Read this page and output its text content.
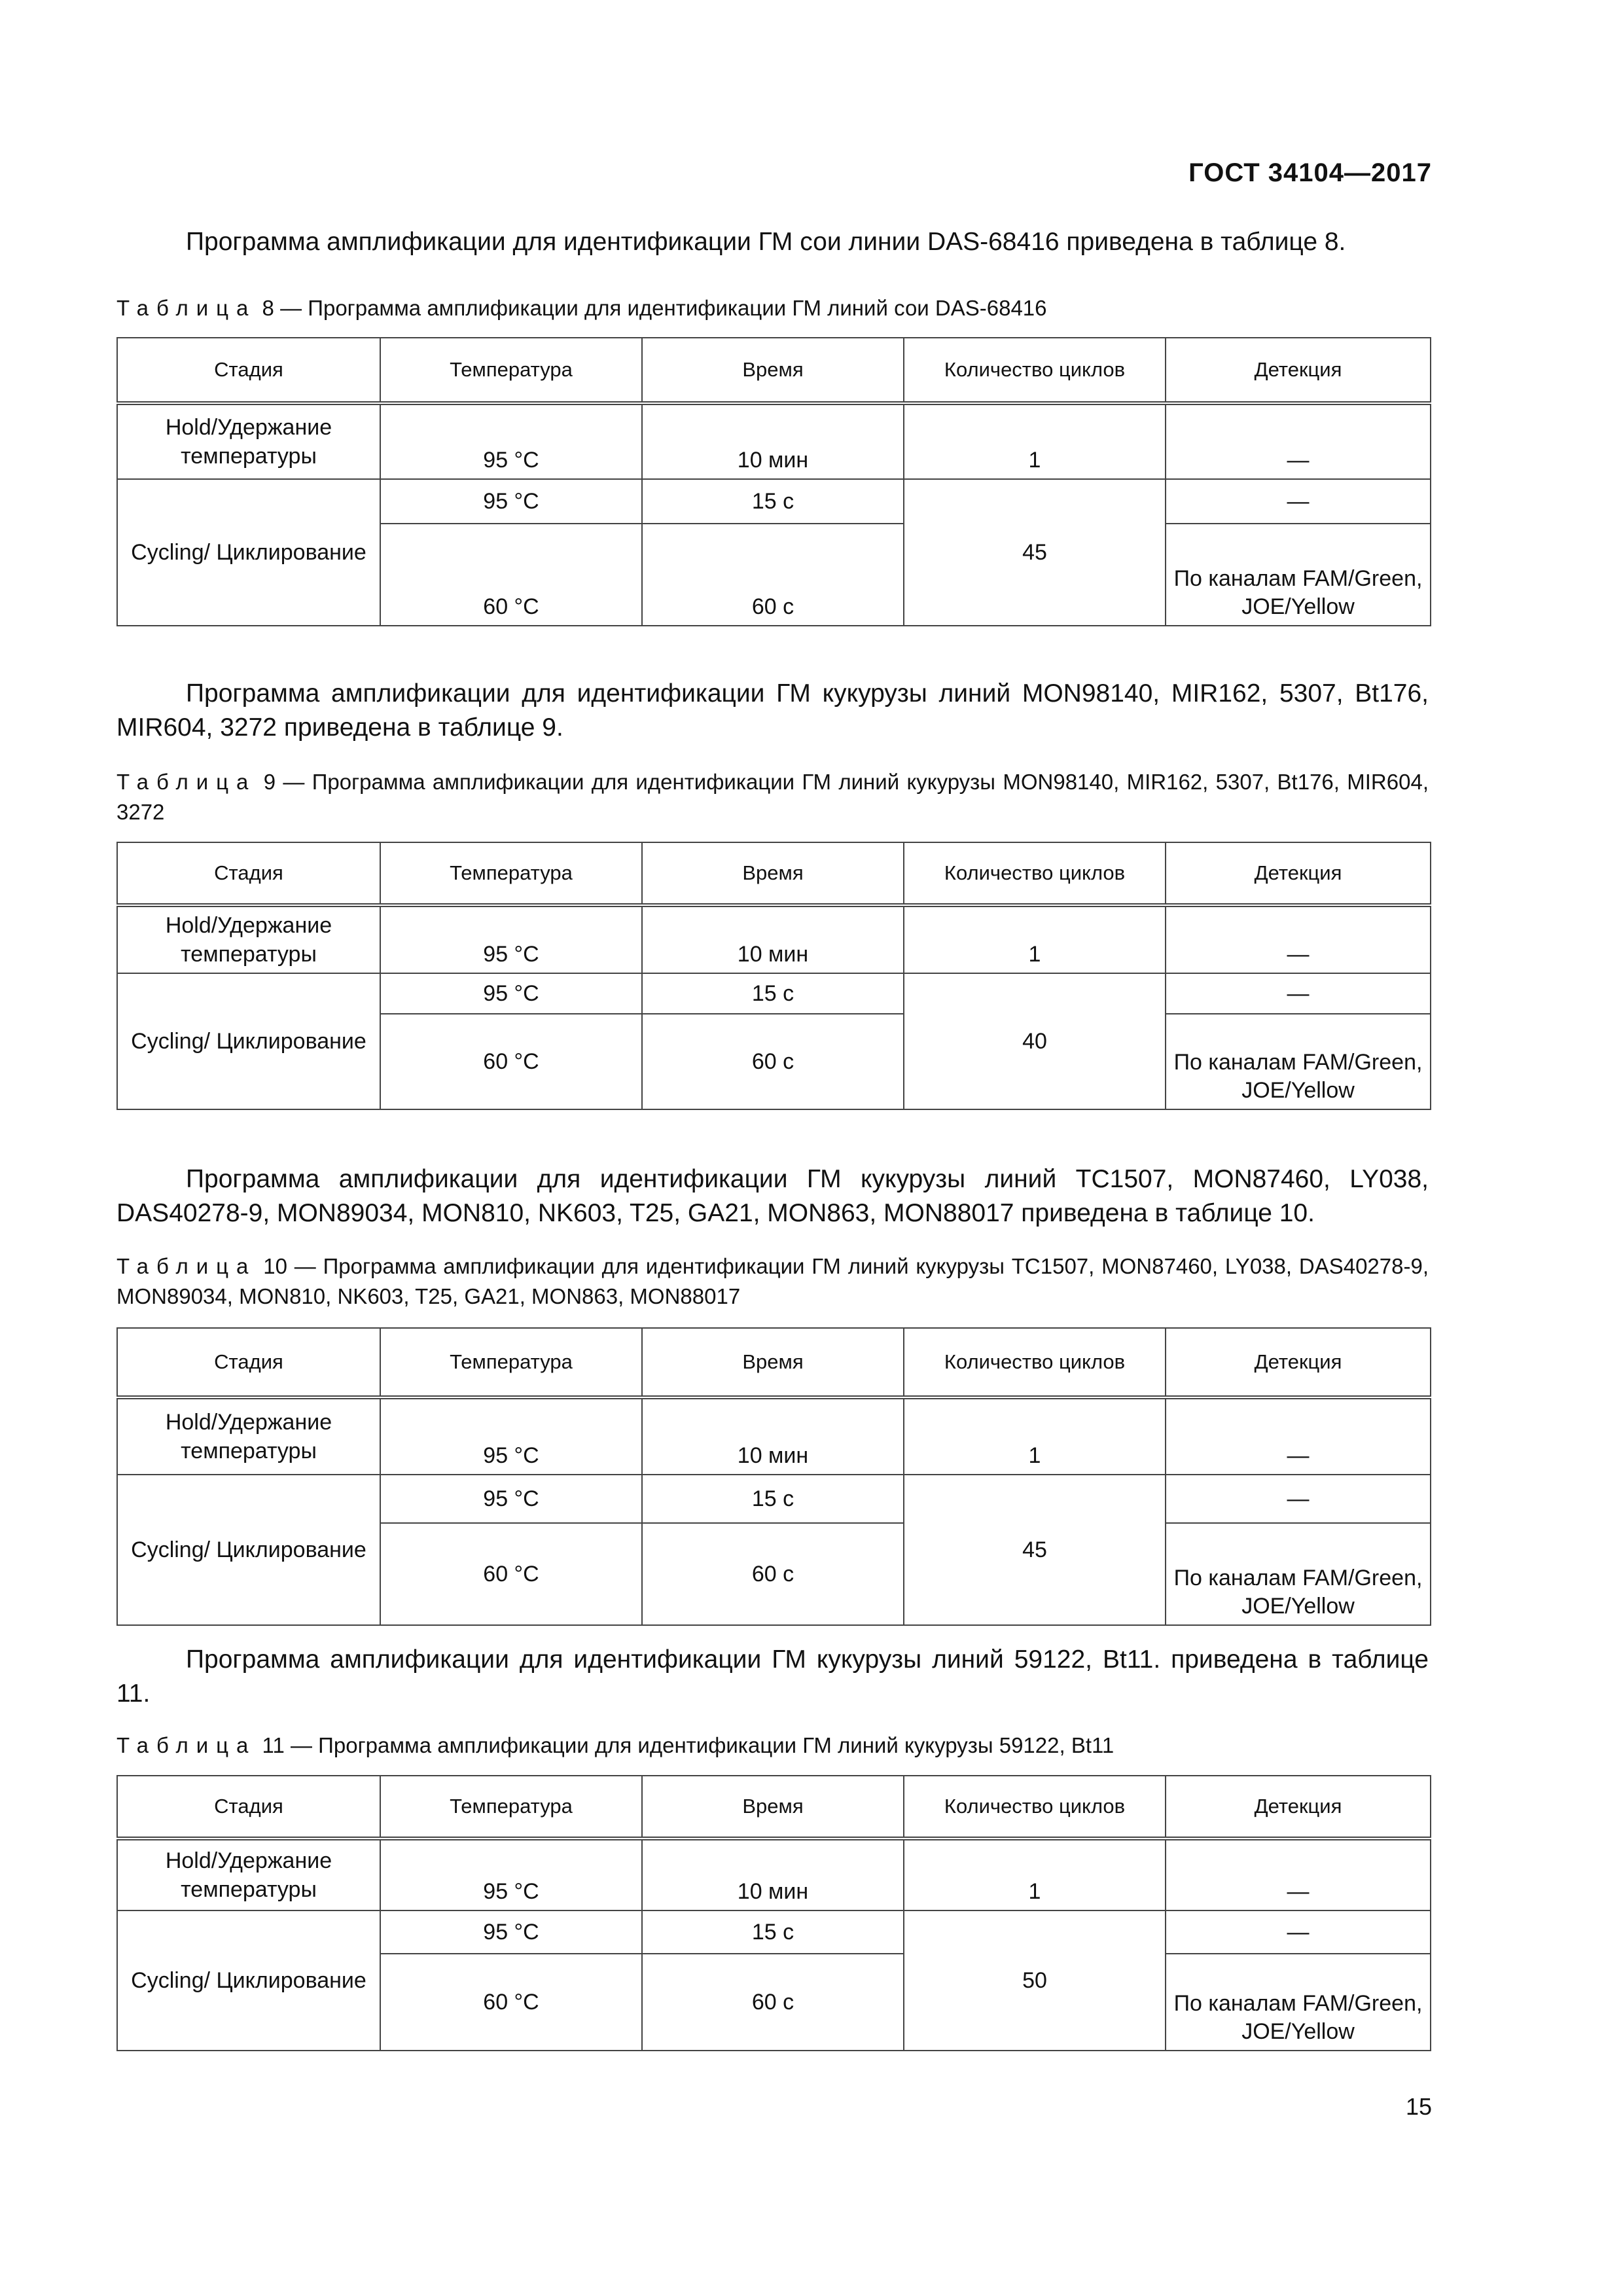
ГОСТ 34104—2017

Программа амплификации для идентификации ГМ сои линии DAS-68416 приведена в таблице 8.

Таблица 8 — Программа амплификации для идентификации ГМ линий сои DAS-68416
Стадия	Температура	Время	Количество циклов	Детекция
Hold/Удержание температуры	95 °С	10 мин	1	—
Cycling/ Циклирование	95 °С	15 с	45	—
	60 °С	60 с		По каналам FAM/Green, JOE/Yellow

Программа амплификации для идентификации ГМ кукурузы линий MON98140, MIR162, 5307, Bt176, MIR604, 3272 приведена в таблице 9.

Таблица 9 — Программа амплификации для идентификации ГМ линий кукурузы MON98140, MIR162, 5307, Bt176, MIR604, 3272
Стадия	Температура	Время	Количество циклов	Детекция
Hold/Удержание температуры	95 °С	10 мин	1	—
Cycling/ Циклирование	95 °С	15 с	40	—
	60 °С	60 с		По каналам FAM/Green, JOE/Yellow

Программа амплификации для идентификации ГМ кукурузы линий TC1507, MON87460, LY038, DAS40278-9, MON89034, MON810, NK603, T25, GA21, MON863, MON88017 приведена в таблице 10.

Таблица 10 — Программа амплификации для идентификации ГМ линий кукурузы TC1507, MON87460, LY038, DAS40278-9, MON89034, MON810, NK603, T25, GA21, MON863, MON88017
Стадия	Температура	Время	Количество циклов	Детекция
Hold/Удержание температуры	95 °С	10 мин	1	—
Cycling/ Циклирование	95 °С	15 с	45	—
	60 °С	60 с		По каналам FAM/Green, JOE/Yellow

Программа амплификации для идентификации ГМ кукурузы линий 59122, Bt11. приведена в таблице 11.

Таблица 11 — Программа амплификации для идентификации ГМ линий кукурузы 59122, Bt11
Стадия	Температура	Время	Количество циклов	Детекция
Hold/Удержание температуры	95 °С	10 мин	1	—
Cycling/ Циклирование	95 °С	15 с	50	—
	60 °С	60 с		По каналам FAM/Green, JOE/Yellow
15
